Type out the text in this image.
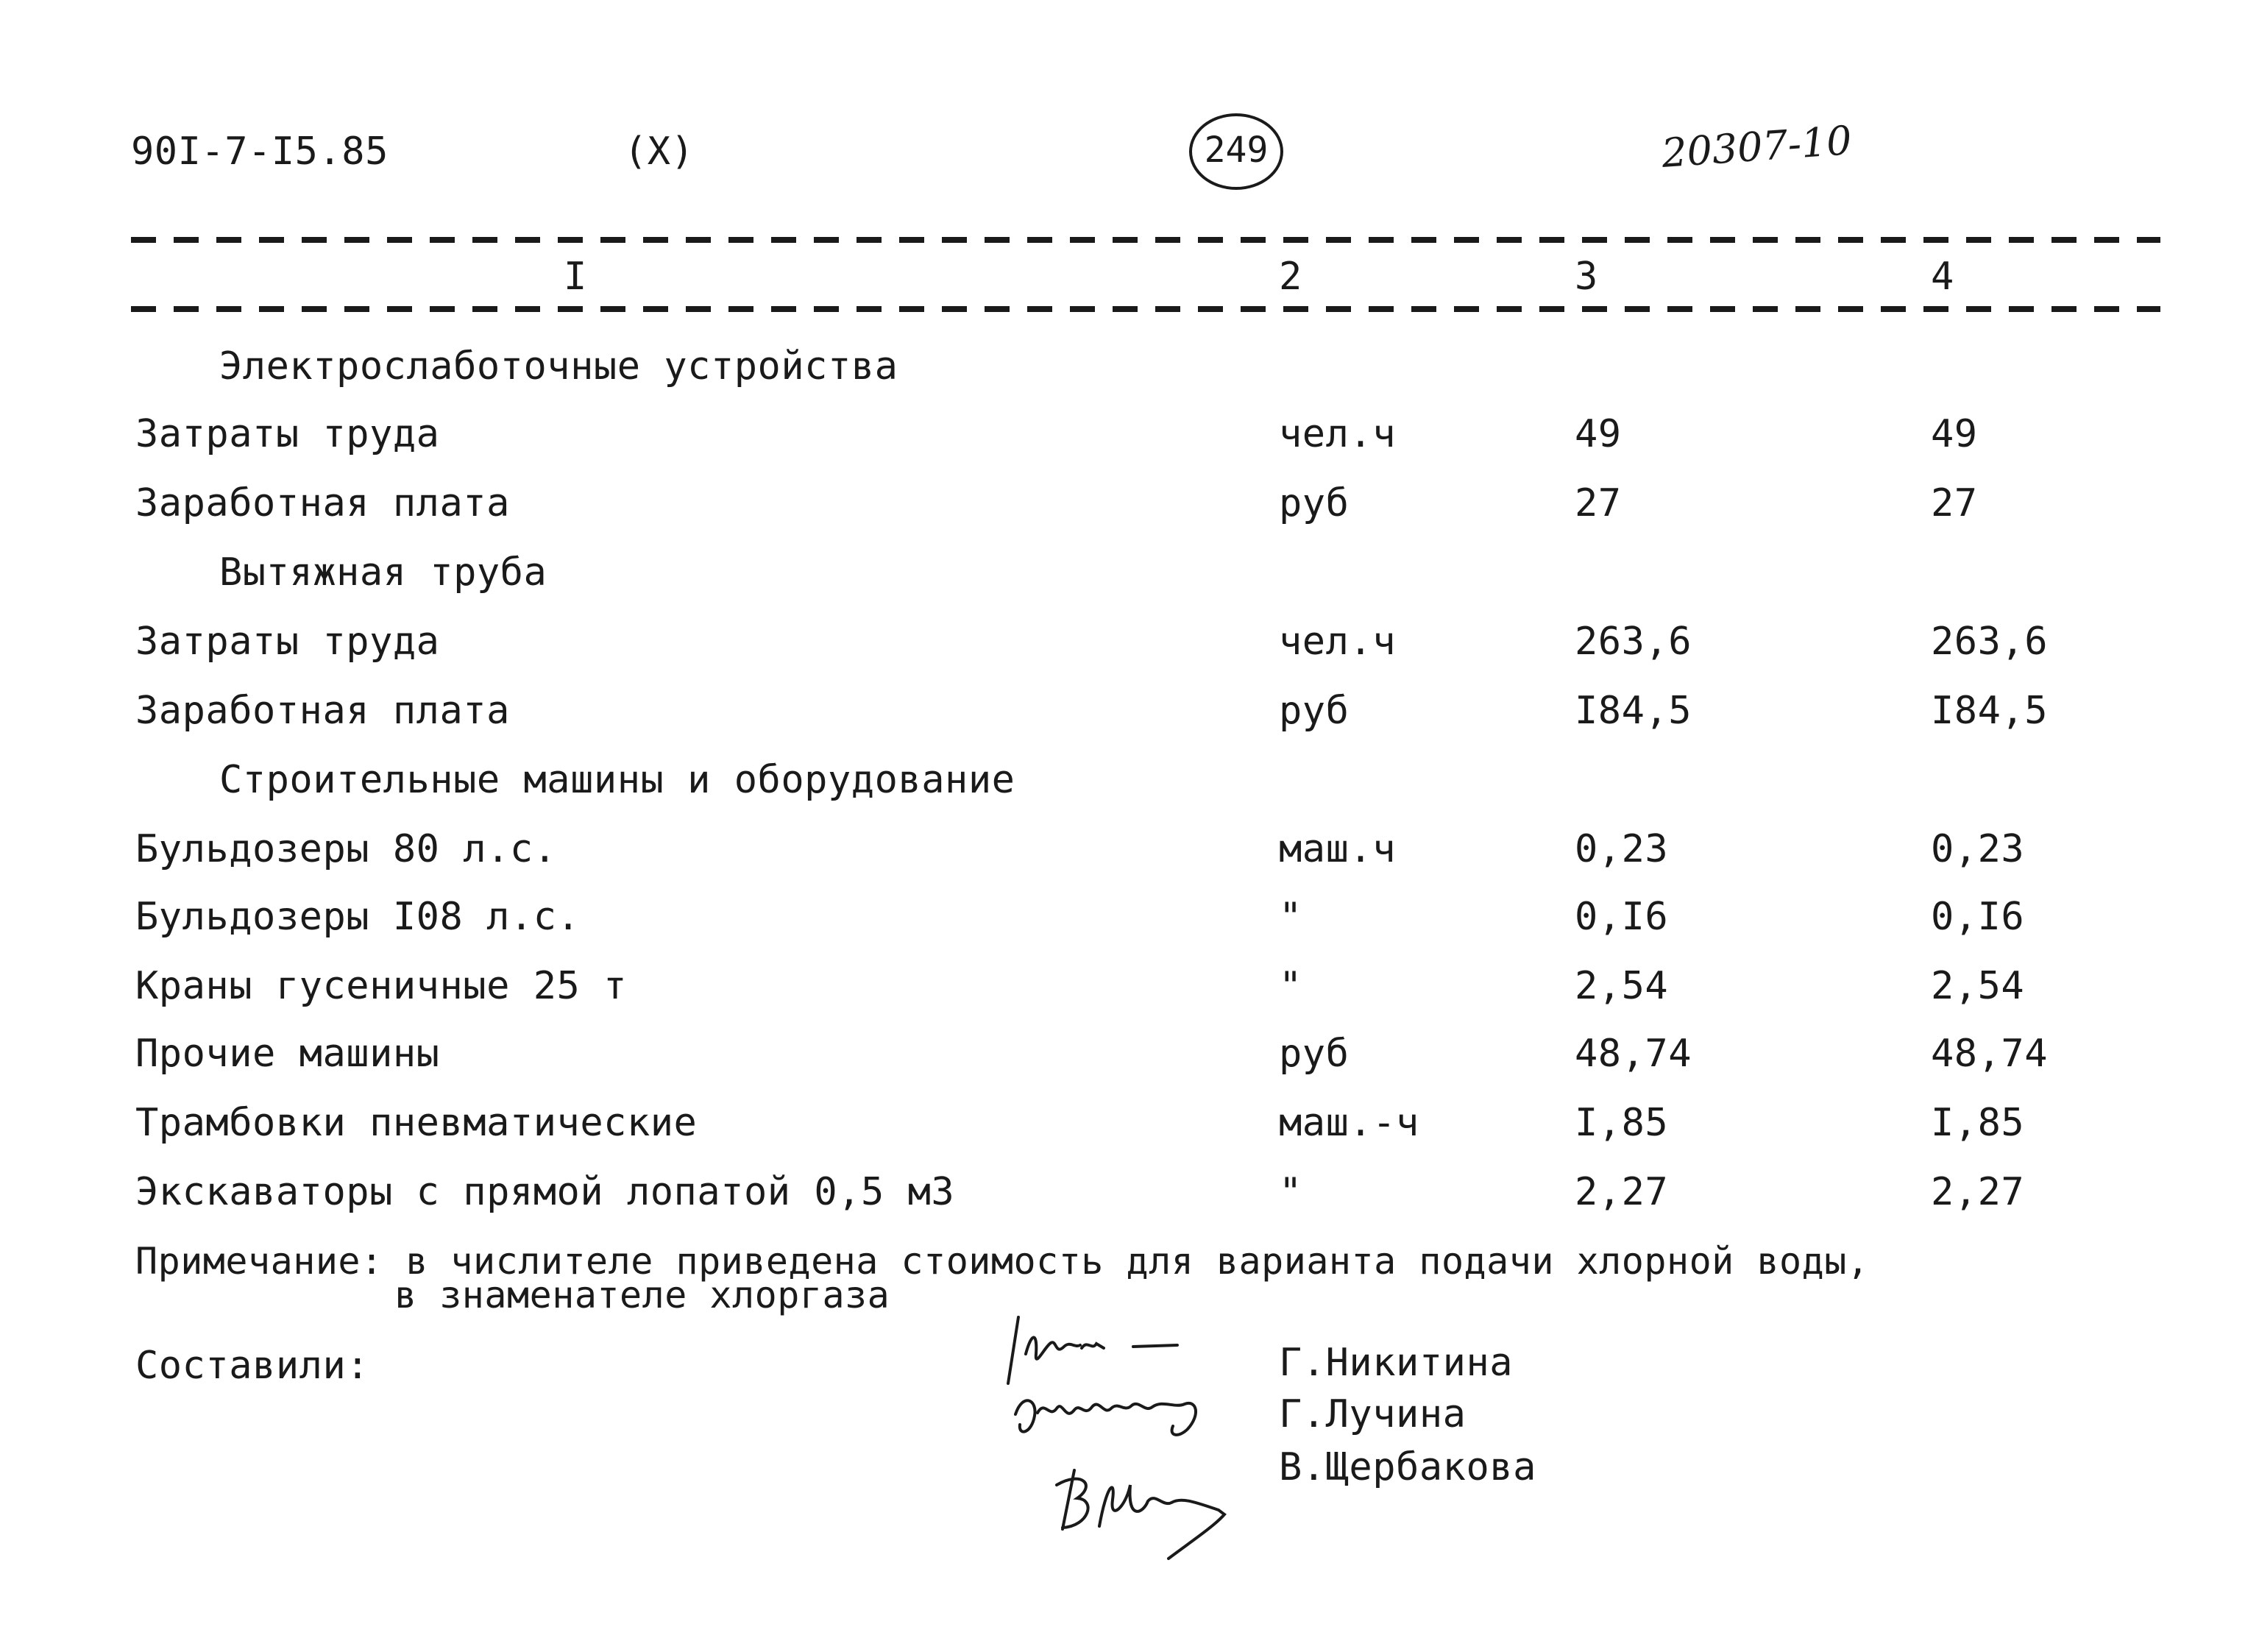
90I-7-I5.85	(X)	249	20307-10
I	2	3	4
Электрослаботочные устройства
Затраты труда	чел.ч	49	49
Заработная плата	руб	27	27
Вытяжная труба
Затраты труда	чел.ч	263,6	263,6
Заработная плата	руб	I84,5	I84,5
Строительные машины и оборудование
Бульдозеры 80 л.с.	маш.ч	0,23	0,23
Бульдозеры I08 л.с.	"	0,I6	0,I6
Краны гусеничные 25 т	"	2,54	2,54
Прочие машины	руб	48,74	48,74
Трамбовки пневматические	маш.-ч	I,85	I,85
Экскаваторы с прямой лопатой 0,5 м3	"	2,27	2,27
Примечание: в числителе приведена стоимость для варианта подачи хлорной воды,
в знаменателе хлоргаза
Составили:	Г.Никитина
Г.Лучина
В.Щербакова
